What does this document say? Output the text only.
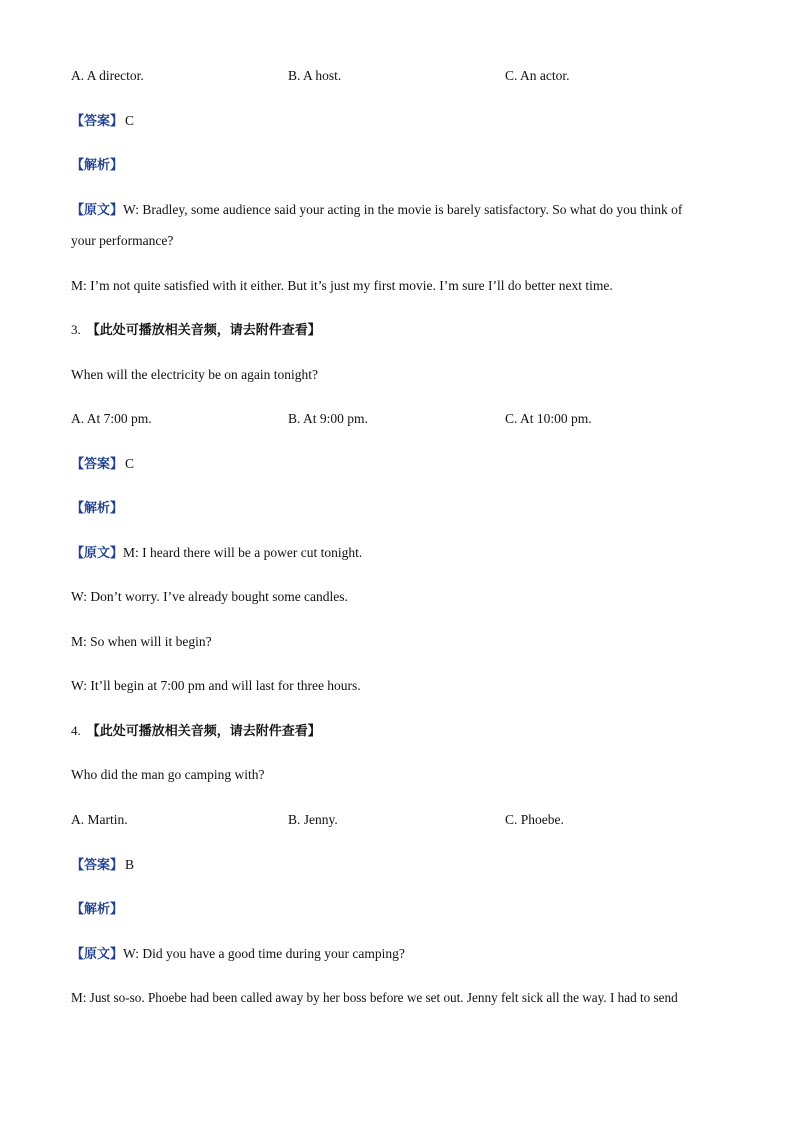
A. A director.	B. A host.	C. An actor.
【答案】 C
【解析】
【原文】W: Bradley, some audience said your acting in the movie is barely satisfactory. So what do you think of
your performance?
M: I’m not quite satisfied with it either. But it’s just my first movie. I’m sure I’ll do better next time.
3. 【此处可播放相关音频，请去附件查看】
When will the electricity be on again tonight?
A. At 7:00 pm.	B. At 9:00 pm.	C. At 10:00 pm.
【答案】 C
【解析】
【原文】M: I heard there will be a power cut tonight.
W: Don’t worry. I’ve already bought some candles.
M: So when will it begin?
W: It’ll begin at 7:00 pm and will last for three hours.
4. 【此处可播放相关音频，请去附件查看】
Who did the man go camping with?
A. Martin.	B. Jenny.	C. Phoebe.
【答案】 B
【解析】
【原文】W: Did you have a good time during your camping?
M: Just so-so. Phoebe had been called away by her boss before we set out. Jenny felt sick all the way. I had to send
